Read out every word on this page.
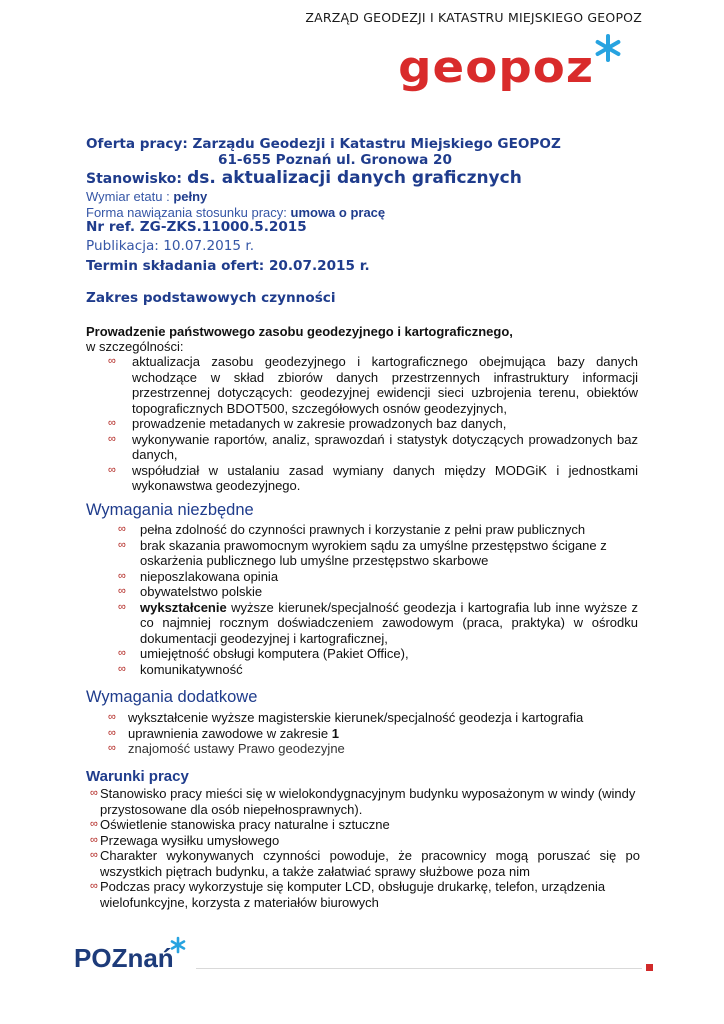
ZARZĄD GEODEZJI I KATASTRU MIEJSKIEGO GEOPOZ
geopoz
Oferta pracy: Zarządu Geodezji i Katastru Miejskiego GEOPOZ
61-655 Poznań ul. Gronowa 20
Stanowisko: ds. aktualizacji danych graficznych
Wymiar etatu : pełny
Forma nawiązania stosunku pracy: umowa o pracę
Nr ref. ZG-ZKS.11000.5.2015
Publikacja: 10.07.2015 r.
Termin składania ofert: 20.07.2015 r.
Zakres podstawowych czynności
Prowadzenie państwowego zasobu geodezyjnego i kartograficznego,
w szczególności:
∞ aktualizacja zasobu geodezyjnego i kartograficznego obejmująca bazy danych wchodzące w skład zbiorów danych przestrzennych infrastruktury informacji przestrzennej dotyczących: geodezyjnej ewidencji sieci uzbrojenia terenu, obiektów topograficznych BDOT500, szczegółowych osnów geodezyjnych,
∞ prowadzenie metadanych w zakresie prowadzonych baz danych,
∞ wykonywanie raportów, analiz, sprawozdań i statystyk dotyczących prowadzonych baz danych,
∞ współudział w ustalaniu zasad wymiany danych między MODGiK i jednostkami wykonawstwa geodezyjnego.
Wymagania niezbędne
∞ pełna zdolność do czynności prawnych i korzystanie z pełni praw publicznych
∞ brak skazania prawomocnym wyrokiem sądu za umyślne przestępstwo ścigane z oskarżenia publicznego lub umyślne przestępstwo skarbowe
∞ nieposzlakowana opinia
∞ obywatelstwo polskie
∞ wykształcenie wyższe kierunek/specjalność geodezja i kartografia lub inne wyższe z co najmniej rocznym doświadczeniem zawodowym (praca, praktyka) w ośrodku dokumentacji geodezyjnej i kartograficznej,
∞ umiejętność obsługi komputera (Pakiet Office),
∞ komunikatywność
Wymagania dodatkowe
∞ wykształcenie wyższe magisterskie kierunek/specjalność geodezja i kartografia
∞ uprawnienia zawodowe w zakresie 1
∞ znajomość ustawy Prawo geodezyjne
Warunki pracy
∞ Stanowisko pracy mieści się w wielokondygnacyjnym budynku wyposażonym w windy (windy przystosowane dla osób niepełnosprawnych).
∞ Oświetlenie stanowiska pracy naturalne i sztuczne
∞ Przewaga wysiłku umysłowego
∞ Charakter wykonywanych czynności powoduje, że pracownicy mogą poruszać się po wszystkich piętrach budynku, a także załatwiać sprawy służbowe poza nim
∞ Podczas pracy wykorzystuje się komputer LCD, obsługuje drukarkę, telefon, urządzenia wielofunkcyjne, korzysta z materiałów biurowych
POZnań
